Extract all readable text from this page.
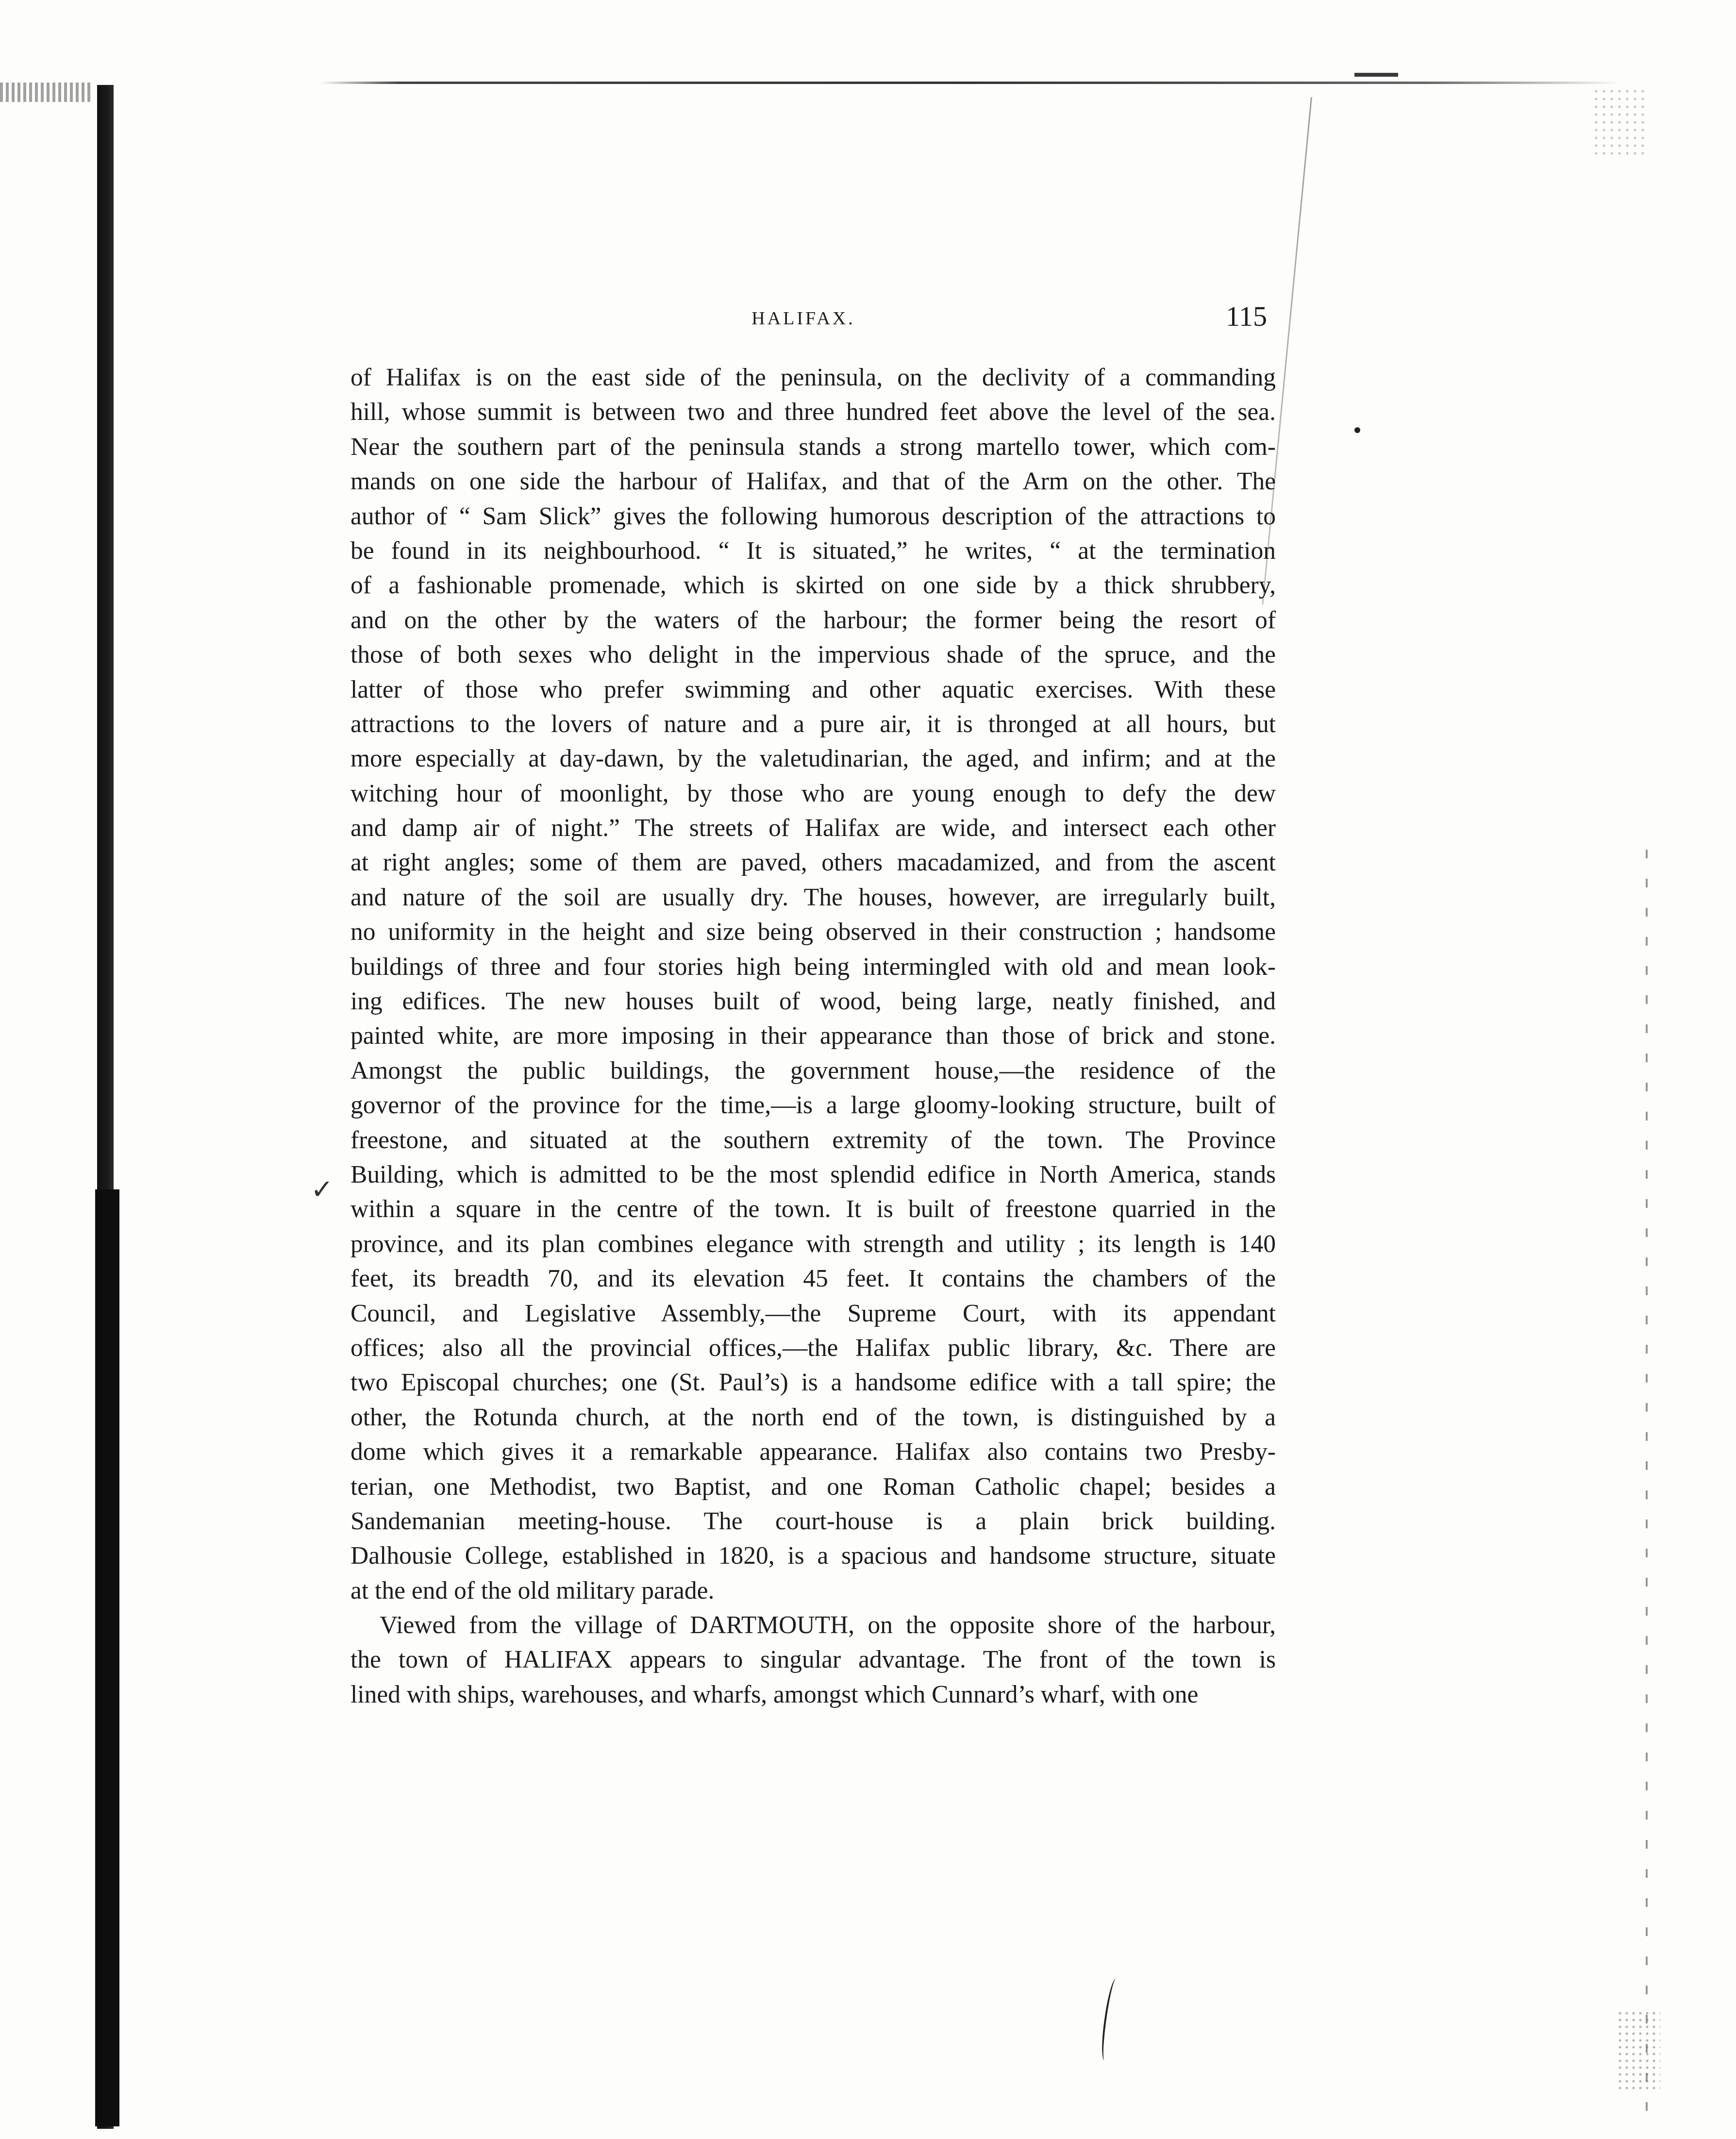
✓
HALIFAX.	115
of Halifax is on the east side of the peninsula, on the declivity of a commanding
hill, whose summit is between two and three hundred feet above the level of the sea.
Near the southern part of the peninsula stands a strong martello tower, which com-
mands on one side the harbour of Halifax, and that of the Arm on the other. The
author of “ Sam Slick” gives the following humorous description of the attractions to
be found in its neighbourhood. “ It is situated,” he writes, “ at the termination
of a fashionable promenade, which is skirted on one side by a thick shrubbery,
and on the other by the waters of the harbour; the former being the resort of
those of both sexes who delight in the impervious shade of the spruce, and the
latter of those who prefer swimming and other aquatic exercises. With these
attractions to the lovers of nature and a pure air, it is thronged at all hours, but
more especially at day-dawn, by the valetudinarian, the aged, and infirm; and at the
witching hour of moonlight, by those who are young enough to defy the dew
and damp air of night.” The streets of Halifax are wide, and intersect each other
at right angles; some of them are paved, others macadamized, and from the ascent
and nature of the soil are usually dry. The houses, however, are irregularly built,
no uniformity in the height and size being observed in their construction ; handsome
buildings of three and four stories high being intermingled with old and mean look-
ing edifices. The new houses built of wood, being large, neatly finished, and
painted white, are more imposing in their appearance than those of brick and stone.
Amongst the public buildings, the government house,—the residence of the
governor of the province for the time,—is a large gloomy-looking structure, built of
freestone, and situated at the southern extremity of the town. The Province
Building, which is admitted to be the most splendid edifice in North America, stands
within a square in the centre of the town. It is built of freestone quarried in the
province, and its plan combines elegance with strength and utility ; its length is 140
feet, its breadth 70, and its elevation 45 feet. It contains the chambers of the
Council, and Legislative Assembly,—the Supreme Court, with its appendant
offices; also all the provincial offices,—the Halifax public library, &c. There are
two Episcopal churches; one (St. Paul’s) is a handsome edifice with a tall spire; the
other, the Rotunda church, at the north end of the town, is distinguished by a
dome which gives it a remarkable appearance. Halifax also contains two Presby-
terian, one Methodist, two Baptist, and one Roman Catholic chapel; besides a
Sandemanian meeting-house. The court-house is a plain brick building.
Dalhousie College, established in 1820, is a spacious and handsome structure, situate
at the end of the old military parade.
Viewed from the village of DARTMOUTH, on the opposite shore of the harbour,
the town of HALIFAX appears to singular advantage. The front of the town is
lined with ships, warehouses, and wharfs, amongst which Cunnard’s wharf, with one
